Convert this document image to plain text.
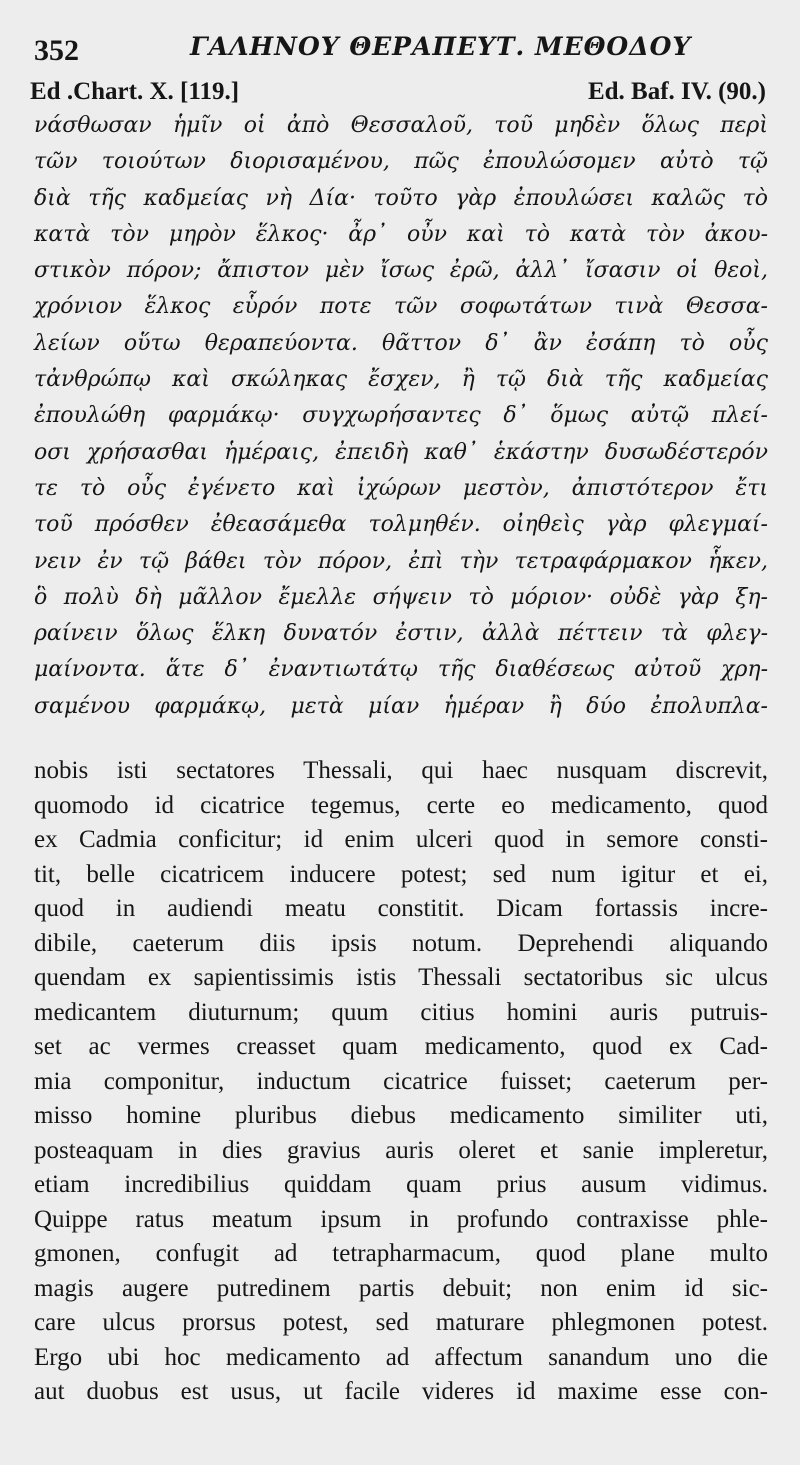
352	ΓΑΛΗΝΟΥ ΘΕΡΑΠΕΥΤ. ΜΕΘΟΔΟΥ
Ed .Chart. X. [119.]	Ed. Baf. IV. (90.)
νάσθωσαν ἡμῖν οἱ ἀπὸ Θεσσαλοῦ, τοῦ μηδὲν ὅλως περὶ
τῶν τοιούτων διορισαμένου, πῶς ἐπουλώσομεν αὐτὸ τῷ
διὰ τῆς καδμείας νὴ Δία· τοῦτο γὰρ ἐπουλώσει καλῶς τὸ
κατὰ τὸν μηρὸν ἕλκος· ἆρ᾽ οὖν καὶ τὸ κατὰ τὸν ἀκου-
στικὸν πόρον; ἄπιστον μὲν ἴσως ἐρῶ, ἀλλ᾽ ἴσασιν οἱ θεοὶ,
χρόνιον ἕλκος εὗρόν ποτε τῶν σοφωτάτων τινὰ Θεσσα-
λείων οὕτω θεραπεύοντα. θᾶττον δ᾽ ἂν ἐσάπη τὸ οὖς
τἀνθρώπῳ καὶ σκώληκας ἔσχεν, ἢ τῷ διὰ τῆς καδμείας
ἐπουλώθη φαρμάκῳ· συγχωρήσαντες δ᾽ ὅμως αὐτῷ πλεί-
οσι χρήσασθαι ἡμέραις, ἐπειδὴ καθ᾽ ἑκάστην δυσωδέστερόν
τε τὸ οὖς ἐγένετο καὶ ἰχώρων μεστὸν, ἀπιστότερον ἔτι
τοῦ πρόσθεν ἐθεασάμεθα τολμηθέν. οἰηθεὶς γὰρ φλεγμαί-
νειν ἐν τῷ βάθει τὸν πόρον, ἐπὶ τὴν τετραφάρμακον ἧκεν,
ὃ πολὺ δὴ μᾶλλον ἔμελλε σήψειν τὸ μόριον· οὐδὲ γὰρ ξη-
ραίνειν ὅλως ἕλκη δυνατόν ἐστιν, ἀλλὰ πέττειν τὰ φλεγ-
μαίνοντα. ἅτε δ᾽ ἐναντιωτάτῳ τῆς διαθέσεως αὐτοῦ χρη-
σαμένου φαρμάκῳ, μετὰ μίαν ἡμέραν ἢ δύο ἐπολυπλα-
nobis isti sectatores Thessali, qui haec nusquam discrevit,
quomodo id cicatrice tegemus, certe eo medicamento, quod
ex Cadmia conficitur; id enim ulceri quod in semore consti-
tit, belle cicatricem inducere potest; sed num igitur et ei,
quod in audiendi meatu constitit. Dicam fortassis incre-
dibile, caeterum diis ipsis notum. Deprehendi aliquando
quendam ex sapientissimis istis Thessali sectatoribus sic ulcus
medicantem diuturnum; quum citius homini auris putruis-
set ac vermes creasset quam medicamento, quod ex Cad-
mia componitur, inductum cicatrice fuisset; caeterum per-
misso homine pluribus diebus medicamento similiter uti,
posteaquam in dies gravius auris oleret et sanie impleretur,
etiam incredibilius quiddam quam prius ausum vidimus.
Quippe ratus meatum ipsum in profundo contraxisse phle-
gmonen, confugit ad tetrapharmacum, quod plane multo
magis augere putredinem partis debuit; non enim id sic-
care ulcus prorsus potest, sed maturare phlegmonen potest.
Ergo ubi hoc medicamento ad affectum sanandum uno die
aut duobus est usus, ut facile videres id maxime esse con-
